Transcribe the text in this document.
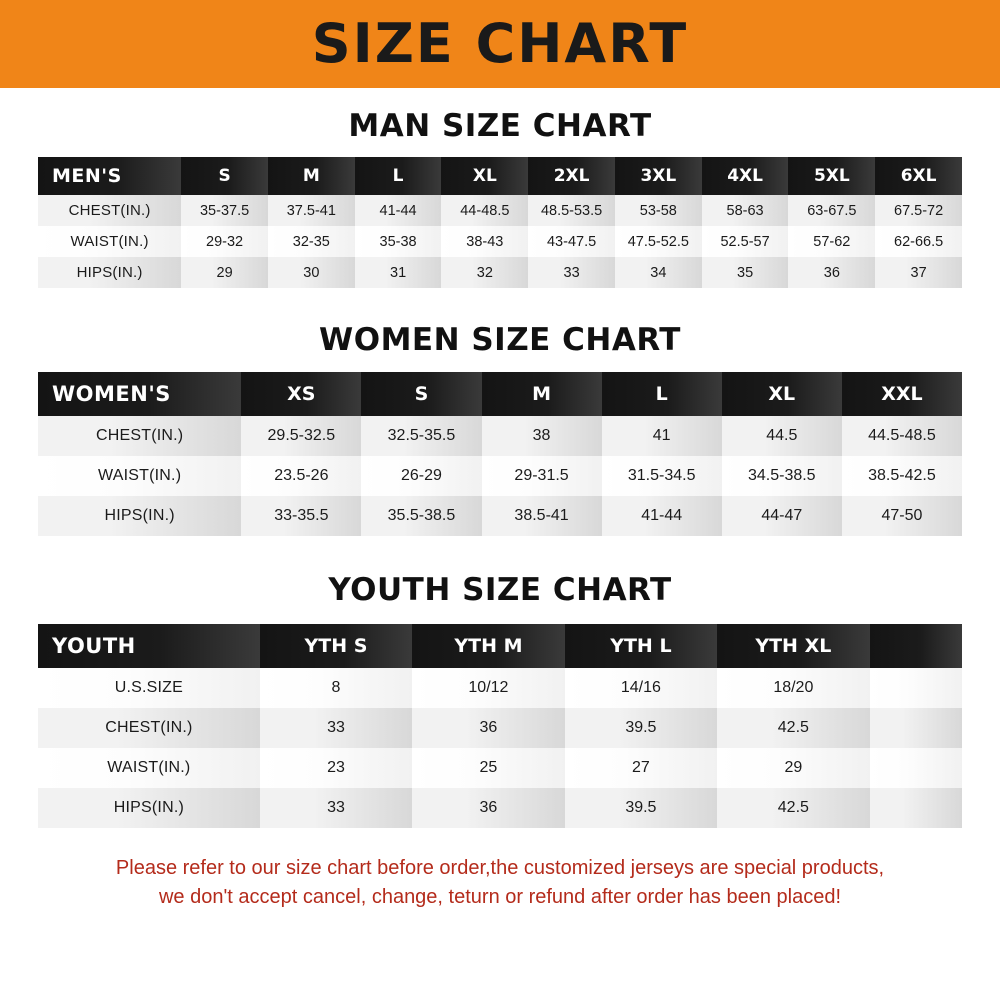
SIZE CHART
MAN SIZE CHART
MEN'S	S	M	L	XL	2XL	3XL	4XL	5XL	6XL
CHEST(IN.)	35-37.5	37.5-41	41-44	44-48.5	48.5-53.5	53-58	58-63	63-67.5	67.5-72
WAIST(IN.)	29-32	32-35	35-38	38-43	43-47.5	47.5-52.5	52.5-57	57-62	62-66.5
HIPS(IN.)	29	30	31	32	33	34	35	36	37
WOMEN SIZE CHART
WOMEN'S	XS	S	M	L	XL	XXL
CHEST(IN.)	29.5-32.5	32.5-35.5	38	41	44.5	44.5-48.5
WAIST(IN.)	23.5-26	26-29	29-31.5	31.5-34.5	34.5-38.5	38.5-42.5
HIPS(IN.)	33-35.5	35.5-38.5	38.5-41	41-44	44-47	47-50
YOUTH SIZE CHART
YOUTH	YTH S	YTH M	YTH L	YTH XL	
U.S.SIZE	8	10/12	14/16	18/20	
CHEST(IN.)	33	36	39.5	42.5	
WAIST(IN.)	23	25	27	29	
HIPS(IN.)	33	36	39.5	42.5	
Please refer to our size chart before order,the customized jerseys are special products,
we don't accept cancel, change, teturn or refund after order has been placed!
